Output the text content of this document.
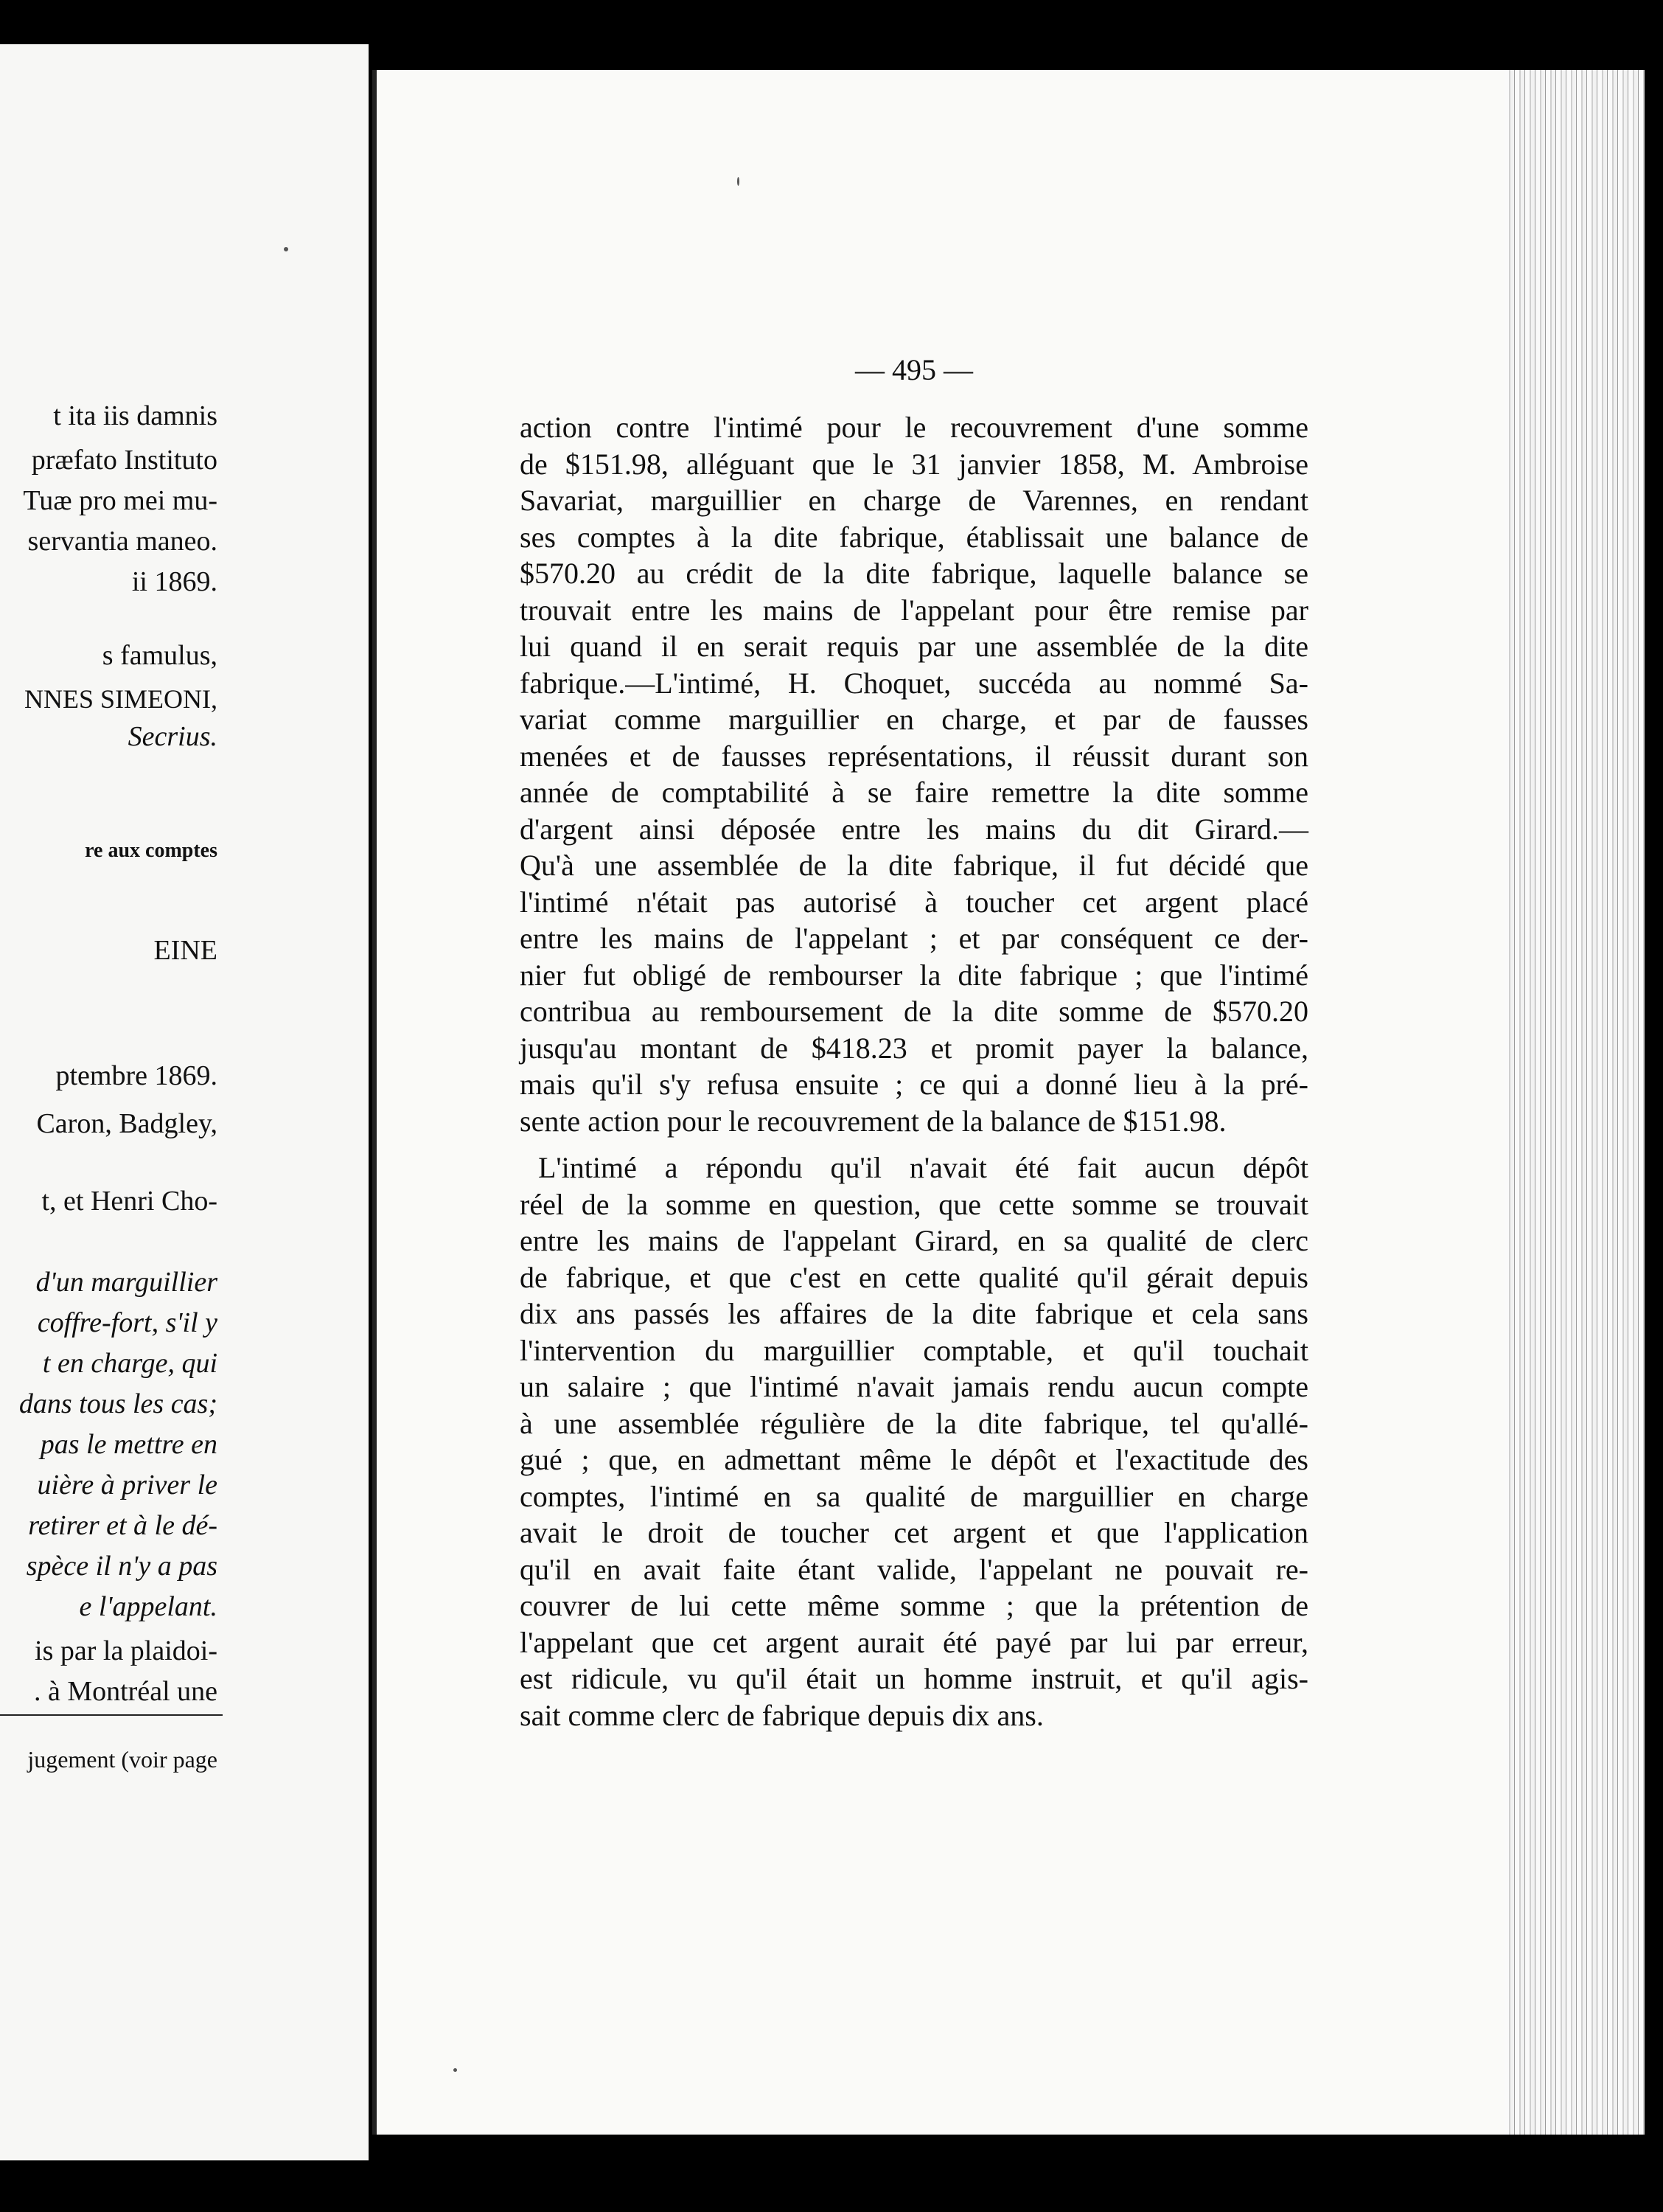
t ita iis damnis
præfato Instituto
Tuæ pro mei mu-
servantia maneo.
ii 1869.
s famulus,
NNES SIMEONI,
Secrius.
re aux comptes
EINE
ptembre 1869.
Caron, Badgley,
t, et Henri Cho-
d'un marguillier
coffre-fort, s'il y
t en charge, qui
dans tous les cas;
pas le mettre en
uière à priver le
retirer et à le dé-
spèce il n'y a pas
e l'appelant.
is par la plaidoi-
. à Montréal une
jugement (voir page
— 495 —
action contre l'intimé pour le recouvrement d'une somme
de $151.98, alléguant que le 31 janvier 1858, M. Ambroise
Savariat, marguillier en charge de Varennes, en rendant
ses comptes à la dite fabrique, établissait une balance de
$570.20 au crédit de la dite fabrique, laquelle balance se
trouvait entre les mains de l'appelant pour être remise par
lui quand il en serait requis par une assemblée de la dite
fabrique.—L'intimé, H. Choquet, succéda au nommé Sa-
variat comme marguillier en charge, et par de fausses
menées et de fausses représentations, il réussit durant son
année de comptabilité à se faire remettre la dite somme
d'argent ainsi déposée entre les mains du dit Girard.—
Qu'à une assemblée de la dite fabrique, il fut décidé que
l'intimé n'était pas autorisé à toucher cet argent placé
entre les mains de l'appelant ; et par conséquent ce der-
nier fut obligé de rembourser la dite fabrique ; que l'intimé
contribua au remboursement de la dite somme de $570.20
jusqu'au montant de $418.23 et promit payer la balance,
mais qu'il s'y refusa ensuite ; ce qui a donné lieu à la pré-
sente action pour le recouvrement de la balance de $151.98.
L'intimé a répondu qu'il n'avait été fait aucun dépôt
réel de la somme en question, que cette somme se trouvait
entre les mains de l'appelant Girard, en sa qualité de clerc
de fabrique, et que c'est en cette qualité qu'il gérait depuis
dix ans passés les affaires de la dite fabrique et cela sans
l'intervention du marguillier comptable, et qu'il touchait
un salaire ; que l'intimé n'avait jamais rendu aucun compte
à une assemblée régulière de la dite fabrique, tel qu'allé-
gué ; que, en admettant même le dépôt et l'exactitude des
comptes, l'intimé en sa qualité de marguillier en charge
avait le droit de toucher cet argent et que l'application
qu'il en avait faite étant valide, l'appelant ne pouvait re-
couvrer de lui cette même somme ; que la prétention de
l'appelant que cet argent aurait été payé par lui par erreur,
est ridicule, vu qu'il était un homme instruit, et qu'il agis-
sait comme clerc de fabrique depuis dix ans.
